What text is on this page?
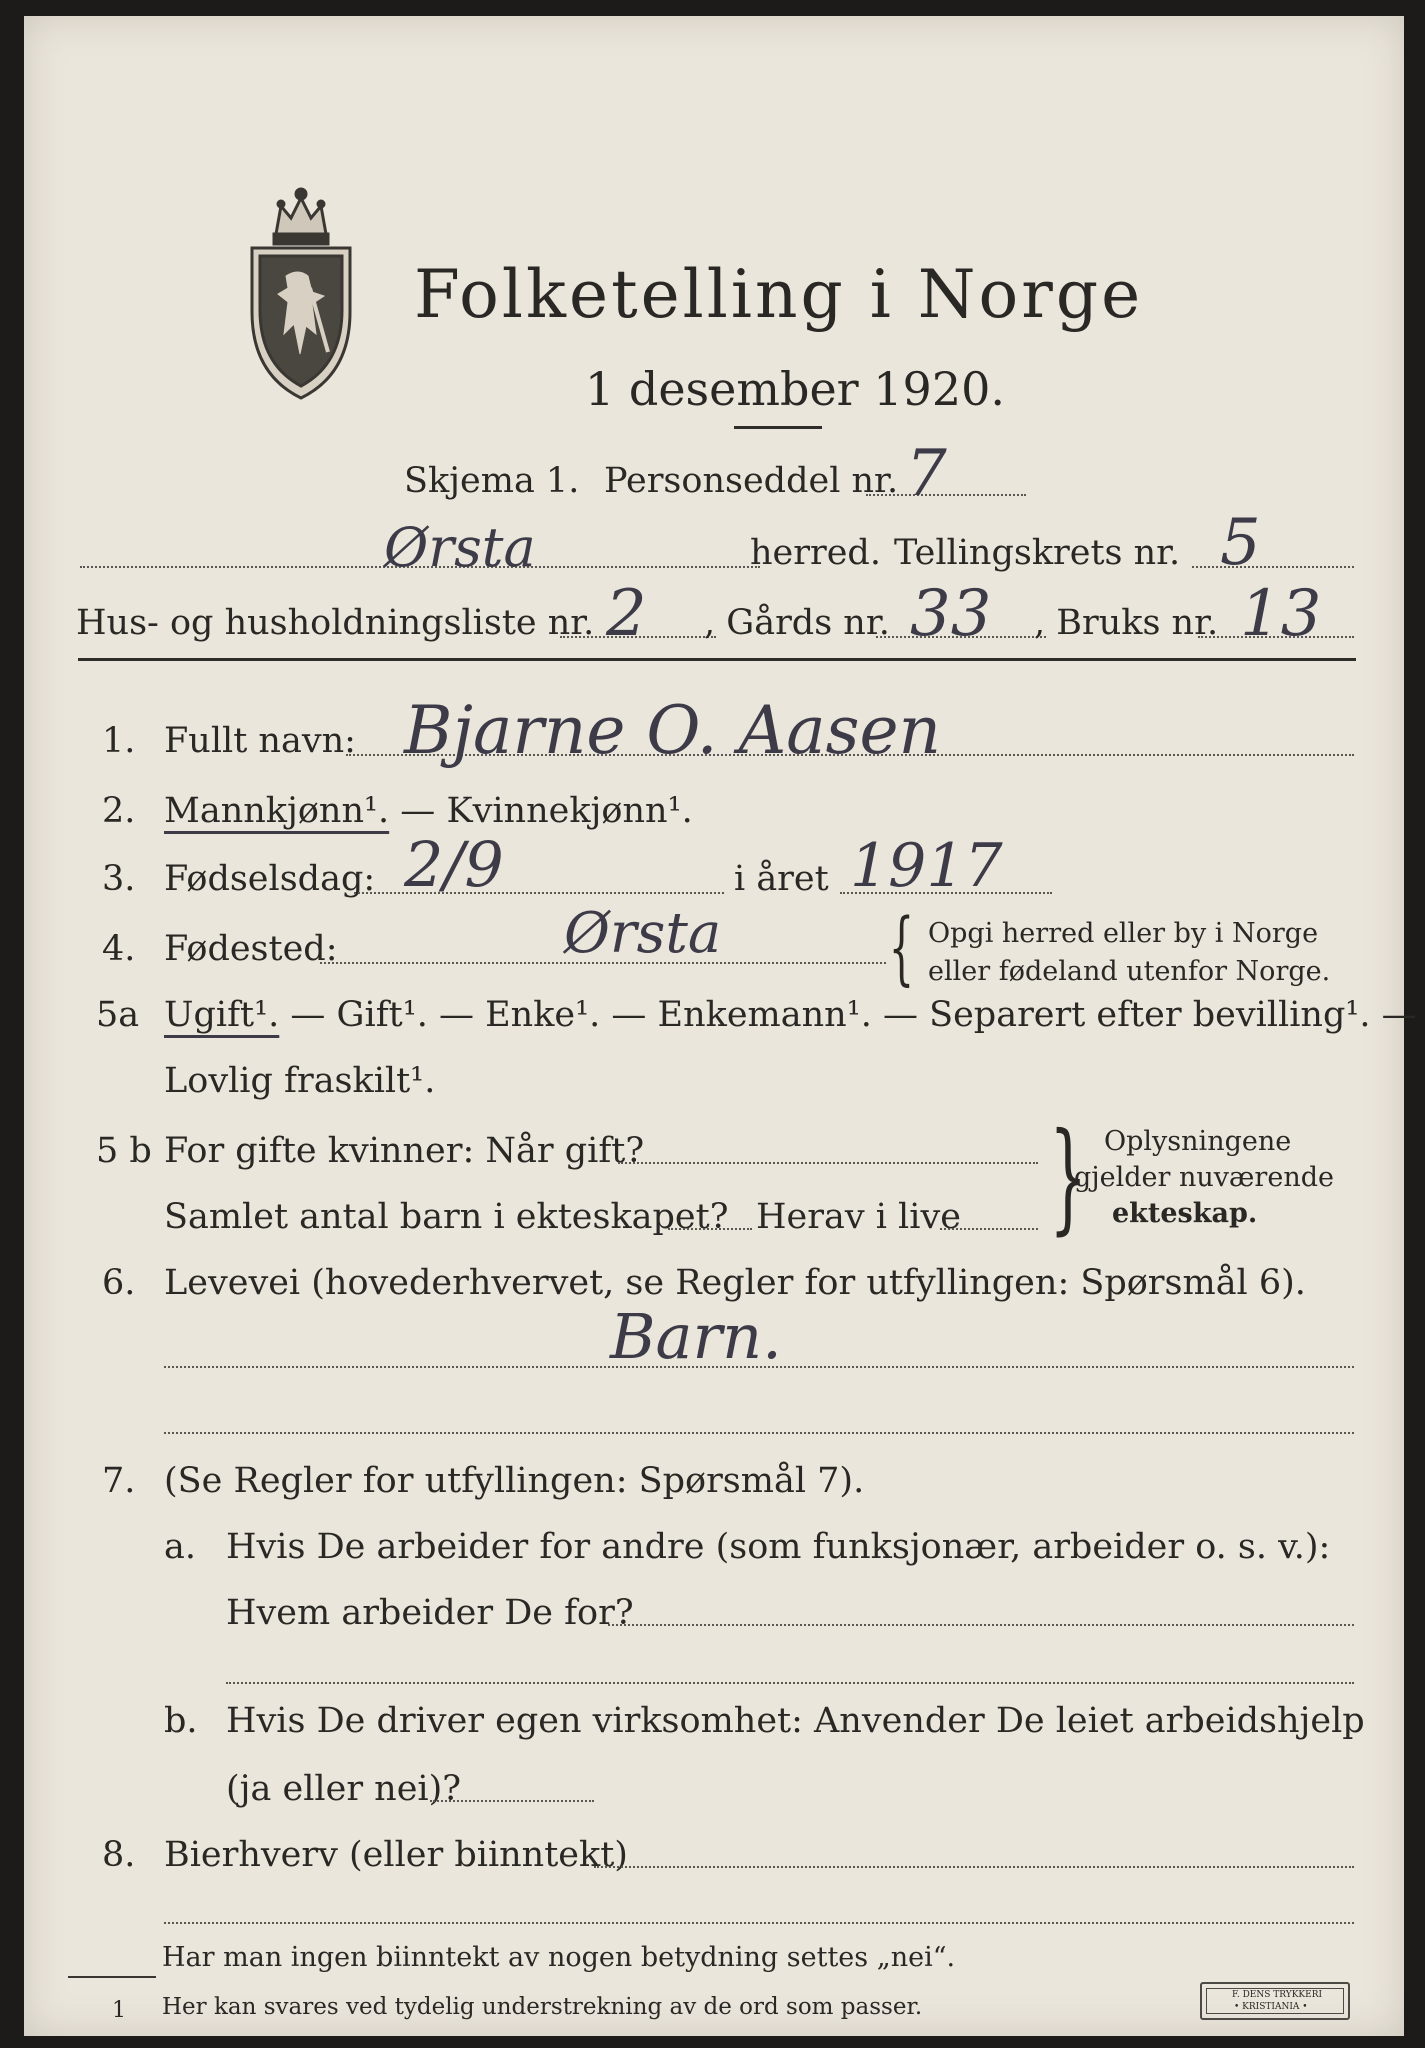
Folketelling i Norge
1 desember 1920.
Skjema 1. Personseddel nr. 7
Ørsta	herred. Tellingskrets nr. 5
Hus- og husholdningsliste nr. 2 , Gårds nr. 33 , Bruks nr. 13
1. Fullt navn: Bjarne O. Aasen
2. Mannkjønn¹. — Kvinnekjønn¹.
3. Fødselsdag: 2/9	i året 1917
4. Fødested:	Ørsta { Opgi herred eller by i Norge
eller fødeland utenfor Norge.
5a Ugift¹. — Gift¹. — Enke¹. — Enkemann¹. — Separert efter bevilling¹. —
Lovlig fraskilt¹.
5 b For gifte kvinner: Når gift?
Samlet antal barn i ekteskapet? Herav i live } Oplysningene
gjelder nuværende
ekteskap.
6. Levevei (hovederhvervet, se Regler for utfyllingen: Spørsmål 6).
Barn.
7. (Se Regler for utfyllingen: Spørsmål 7).
a. Hvis De arbeider for andre (som funksjonær, arbeider o. s. v.):
Hvem arbeider De for?
b. Hvis De driver egen virksomhet: Anvender De leiet arbeidshjelp
(ja eller nei)?
8. Bierhverv (eller biinntekt)
Har man ingen biinntekt av nogen betydning settes „nei“.
1 Her kan svares ved tydelig understrekning av de ord som passer.	F. DENS TRYKKERI
• KRISTIANIA •
